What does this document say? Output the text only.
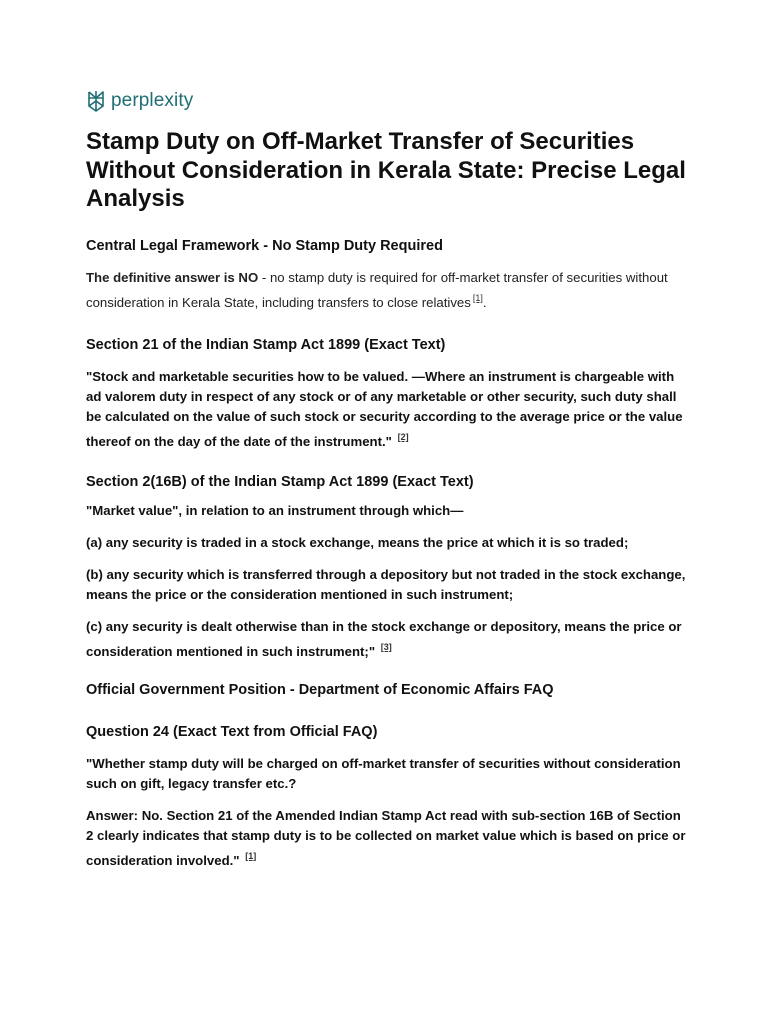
perplexity
Stamp Duty on Off-Market Transfer of Securities Without Consideration in Kerala State: Precise Legal Analysis
Central Legal Framework - No Stamp Duty Required

The definitive answer is NO - no stamp duty is required for off-market transfer of securities without consideration in Kerala State, including transfers to close relatives [1].

Section 21 of the Indian Stamp Act 1899 (Exact Text)

"Stock and marketable securities how to be valued. —Where an instrument is chargeable with ad valorem duty in respect of any stock or of any marketable or other security, such duty shall be calculated on the value of such stock or security according to the average price or the value thereof on the day of the date of the instrument." [2]

Section 2(16B) of the Indian Stamp Act 1899 (Exact Text)

"Market value", in relation to an instrument through which—

(a) any security is traded in a stock exchange, means the price at which it is so traded;

(b) any security which is transferred through a depository but not traded in the stock exchange, means the price or the consideration mentioned in such instrument;

(c) any security is dealt otherwise than in the stock exchange or depository, means the price or consideration mentioned in such instrument;" [3]

Official Government Position - Department of Economic Affairs FAQ
Question 24 (Exact Text from Official FAQ)

"Whether stamp duty will be charged on off-market transfer of securities without consideration such on gift, legacy transfer etc.?

Answer: No. Section 21 of the Amended Indian Stamp Act read with sub-section 16B of Section 2 clearly indicates that stamp duty is to be collected on market value which is based on price or consideration involved." [1]
